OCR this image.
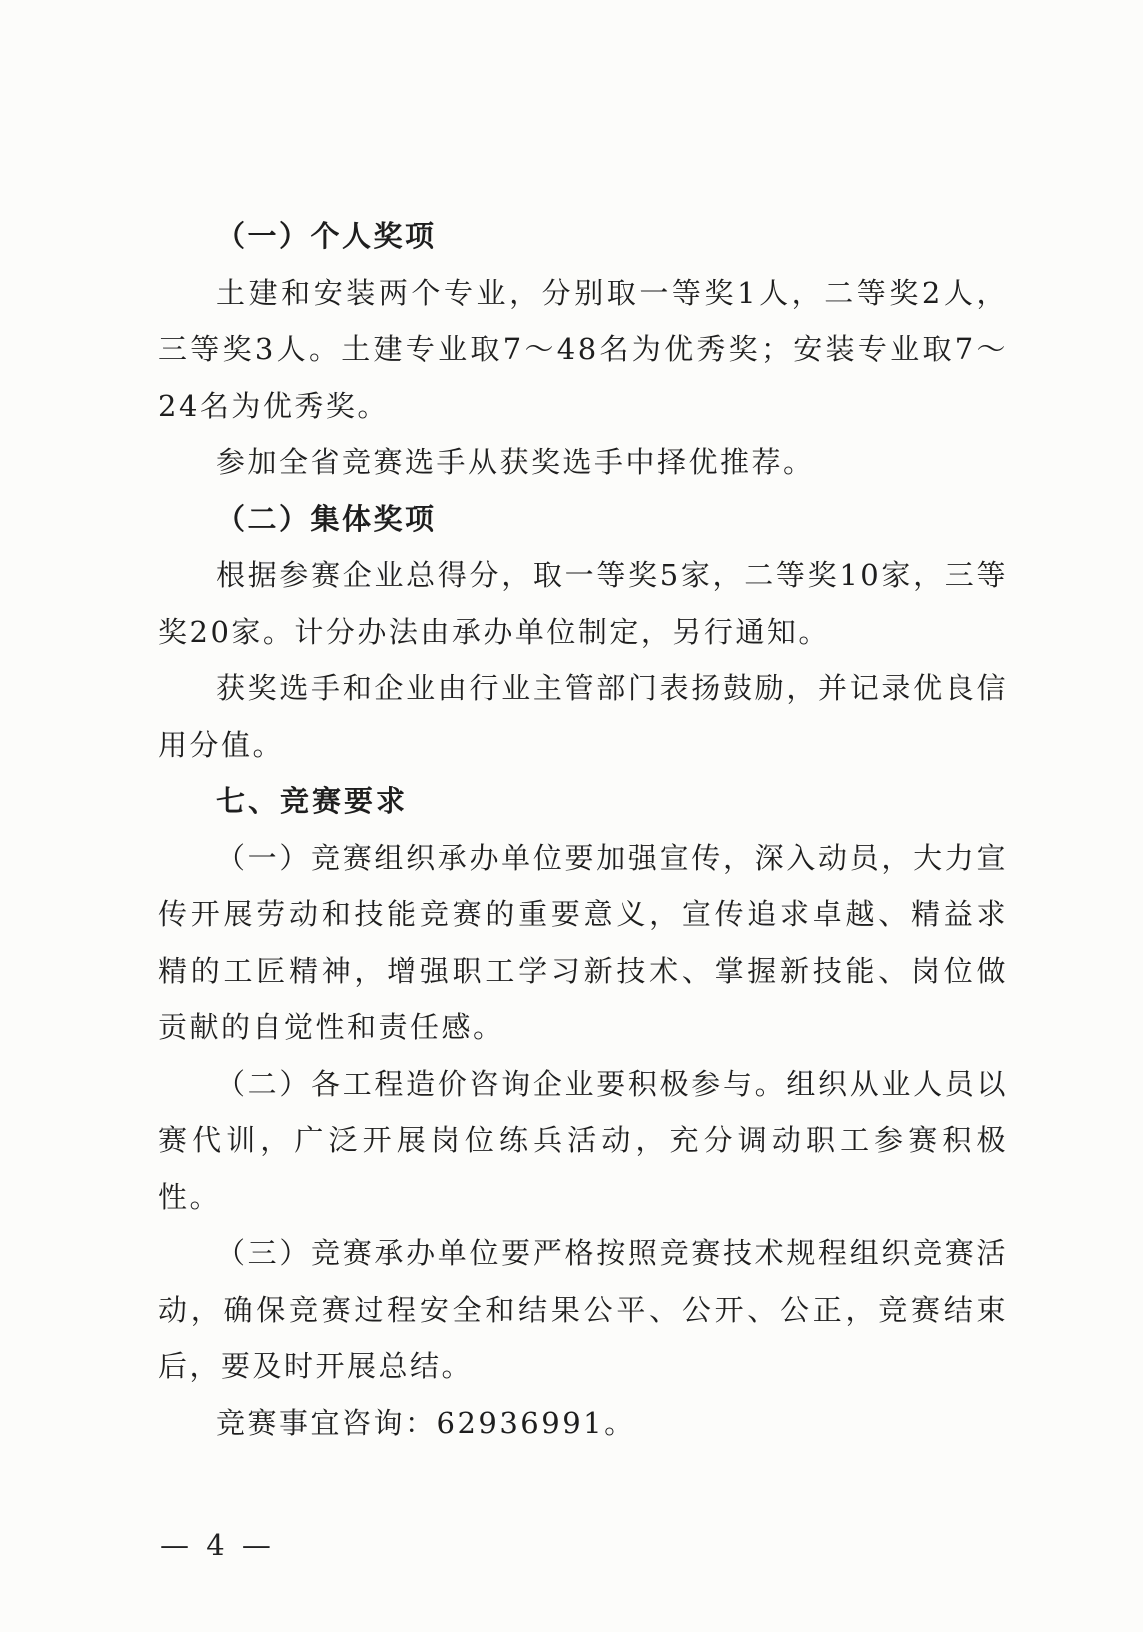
（一）个人奖项

土建和安装两个专业，分别取一等奖1人，二等奖2人，三等奖3人。土建专业取7～48名为优秀奖；安装专业取7～24名为优秀奖。

参加全省竞赛选手从获奖选手中择优推荐。

（二）集体奖项

根据参赛企业总得分，取一等奖5家，二等奖10家，三等奖20家。计分办法由承办单位制定，另行通知。

获奖选手和企业由行业主管部门表扬鼓励，并记录优良信用分值。

七、竞赛要求

（一）竞赛组织承办单位要加强宣传，深入动员，大力宣传开展劳动和技能竞赛的重要意义，宣传追求卓越、精益求精的工匠精神，增强职工学习新技术、掌握新技能、岗位做贡献的自觉性和责任感。

（二）各工程造价咨询企业要积极参与。组织从业人员以赛代训，广泛开展岗位练兵活动，充分调动职工参赛积极性。

（三）竞赛承办单位要严格按照竞赛技术规程组织竞赛活动，确保竞赛过程安全和结果公平、公开、公正，竞赛结束后，要及时开展总结。

竞赛事宜咨询：62936991。

— 4 —
